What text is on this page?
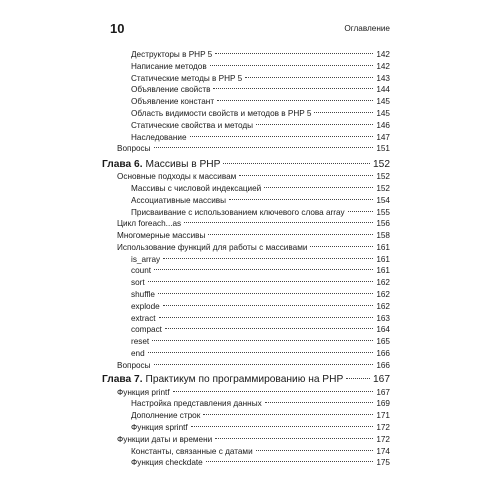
10	Оглавление
Деструкторы в PHP 5	142
Написание методов	142
Статические методы в PHP 5	143
Объявление свойств	144
Объявление констант	145
Область видимости свойств и методов в PHP 5	145
Статические свойства и методы	146
Наследование	147
Вопросы	151
Глава 6. Массивы в PHP	152
Основные подходы к массивам	152
Массивы с числовой индексацией	152
Ассоциативные массивы	154
Присваивание с использованием ключевого слова array	155
Цикл foreach...as	156
Многомерные массивы	158
Использование функций для работы с массивами	161
is_array	161
count	161
sort	162
shuffle	162
explode	162
extract	163
compact	164
reset	165
end	166
Вопросы	166
Глава 7. Практикум по программированию на PHP	167
Функция printf	167
Настройка представления данных	169
Дополнение строк	171
Функция sprintf	172
Функции даты и времени	172
Константы, связанные с датами	174
Функция checkdate	175
